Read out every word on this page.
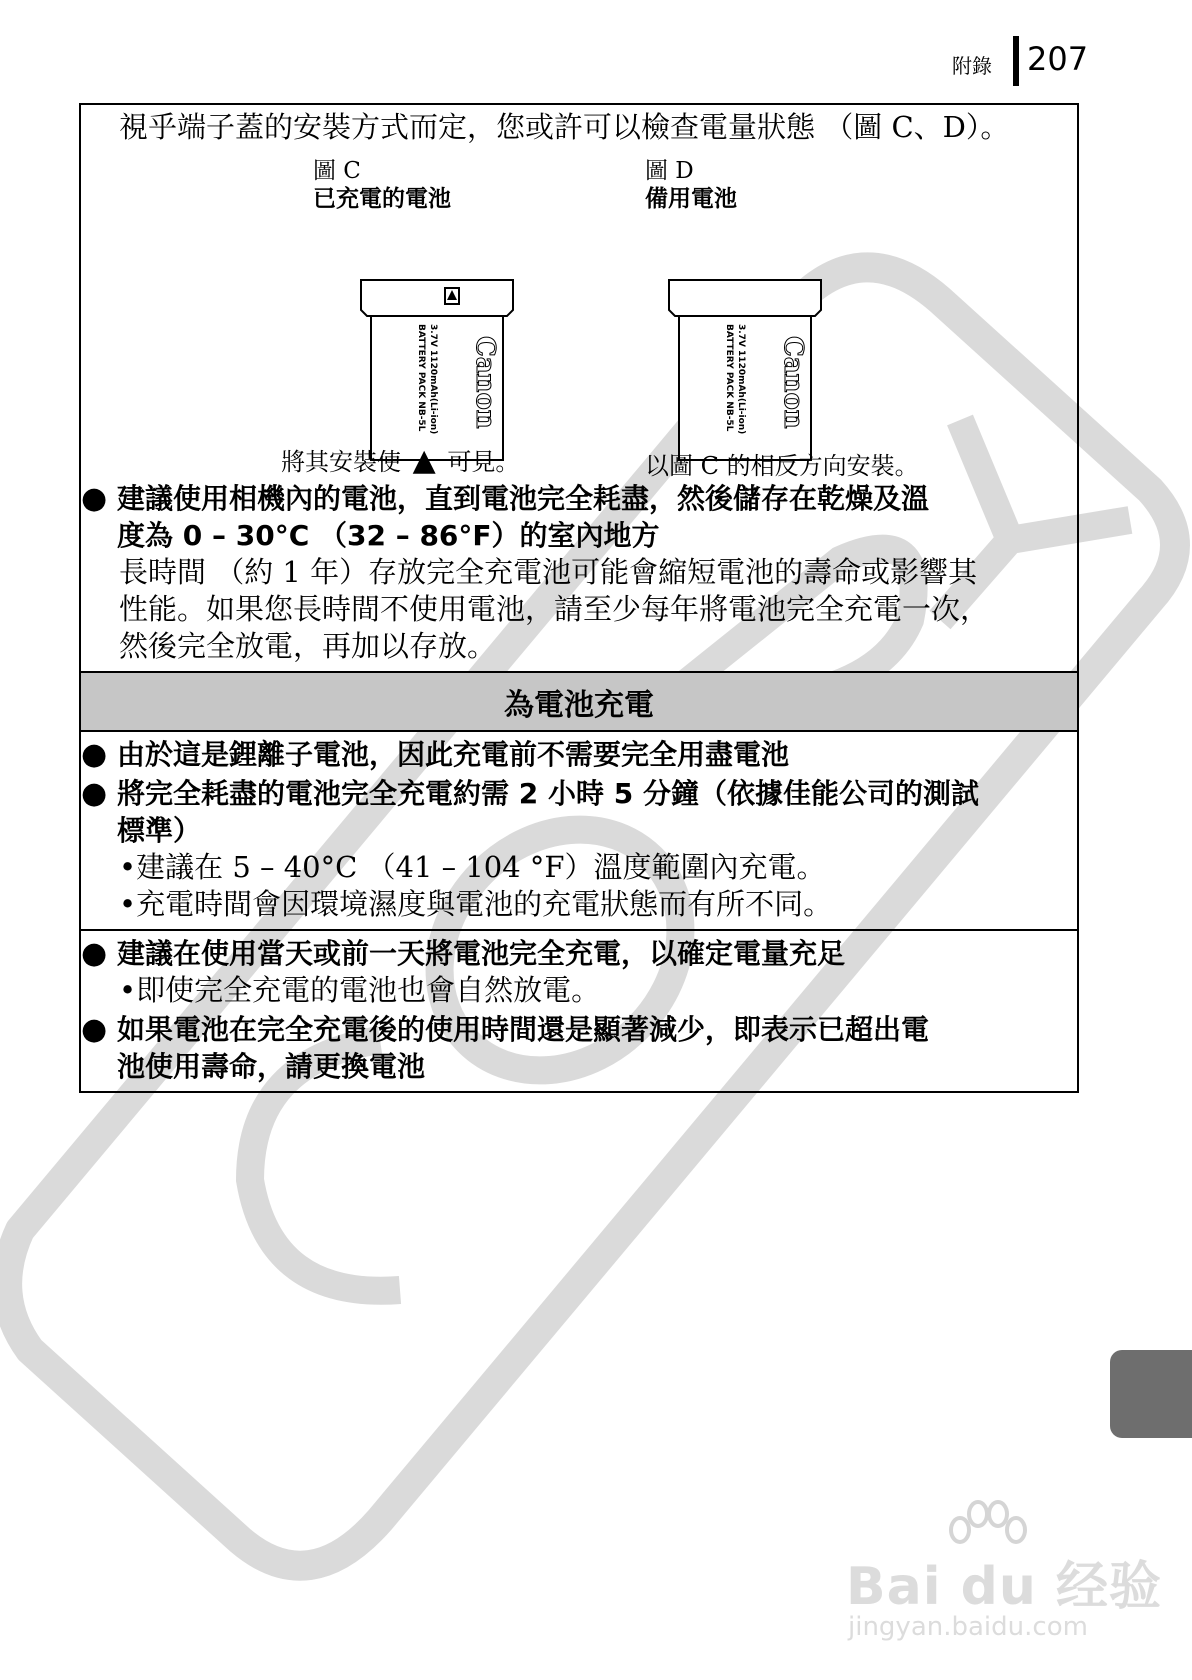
附錄 207

視乎端子蓋的安裝方式而定，您或許可以檢查電量狀態 （圖 C、D）。

圖 C
已充電的電池
Canon
BATTERY PACK NB-5L 3.7V 1120mAh(Li-ion)
將其安裝使 ▲ 可見。
圖 D
備用電池
Canon
BATTERY PACK NB-5L 3.7V 1120mAh(Li-ion)
以圖 C 的相反方向安裝。
● 建議使用相機內的電池，直到電池完全耗盡，然後儲存在乾燥及溫
度為 0 – 30°C （32 – 86°F）的室內地方
長時間 （約 1 年）存放完全充電池可能會縮短電池的壽命或影響其
性能。如果您長時間不使用電池，請至少每年將電池完全充電一次，
然後完全放電，再加以存放。
為電池充電
● 由於這是鋰離子電池，因此充電前不需要完全用盡電池
● 將完全耗盡的電池完全充電約需 2 小時 5 分鐘（依據佳能公司的測試
標準）
•建議在 5 – 40°C （41 – 104 °F）溫度範圍內充電。
•充電時間會因環境濕度與電池的充電狀態而有所不同。
● 建議在使用當天或前一天將電池完全充電，以確定電量充足
•即使完全充電的電池也會自然放電。
● 如果電池在完全充電後的使用時間還是顯著減少，即表示已超出電
池使用壽命，請更換電池
Bai du 经验
jingyan.baidu.com
